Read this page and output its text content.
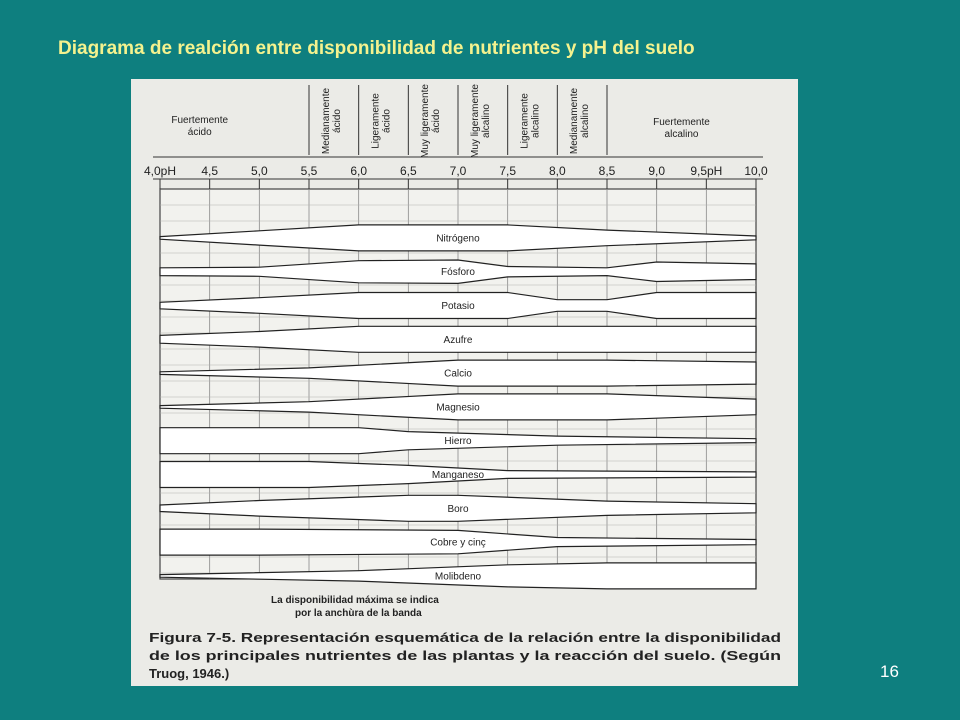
Diagrama de realción entre disponibilidad de nutrientes y pH del suelo
Fuertemente
ácido	Medianamente ácido	Ligeramente ácido	Muy ligeramente ácido	Muy ligeramente alcalino	Ligeramente alcalino	Medianamente alcalino	Fuertemente
alcalino
4,0pH 4,5	5,0	5,5	6,0	6,5	7,0	7,5	8,0	8,5	9,0 9,5pH 10,0
Nitrógeno
Fósforo
Potasio
Azufre
Calcio
Magnesio
Hierro
Manganeso
Boro
Cobre y cinç
Molibdeno
La disponibilidad máxima se indica
por la anchùra de la banda
Figura 7-5. Representación esquemática de la relación entre la disponibilidad
de los principales nutrientes de las plantas y la reacción del suelo. (Según
Truog, 1946.)	16
